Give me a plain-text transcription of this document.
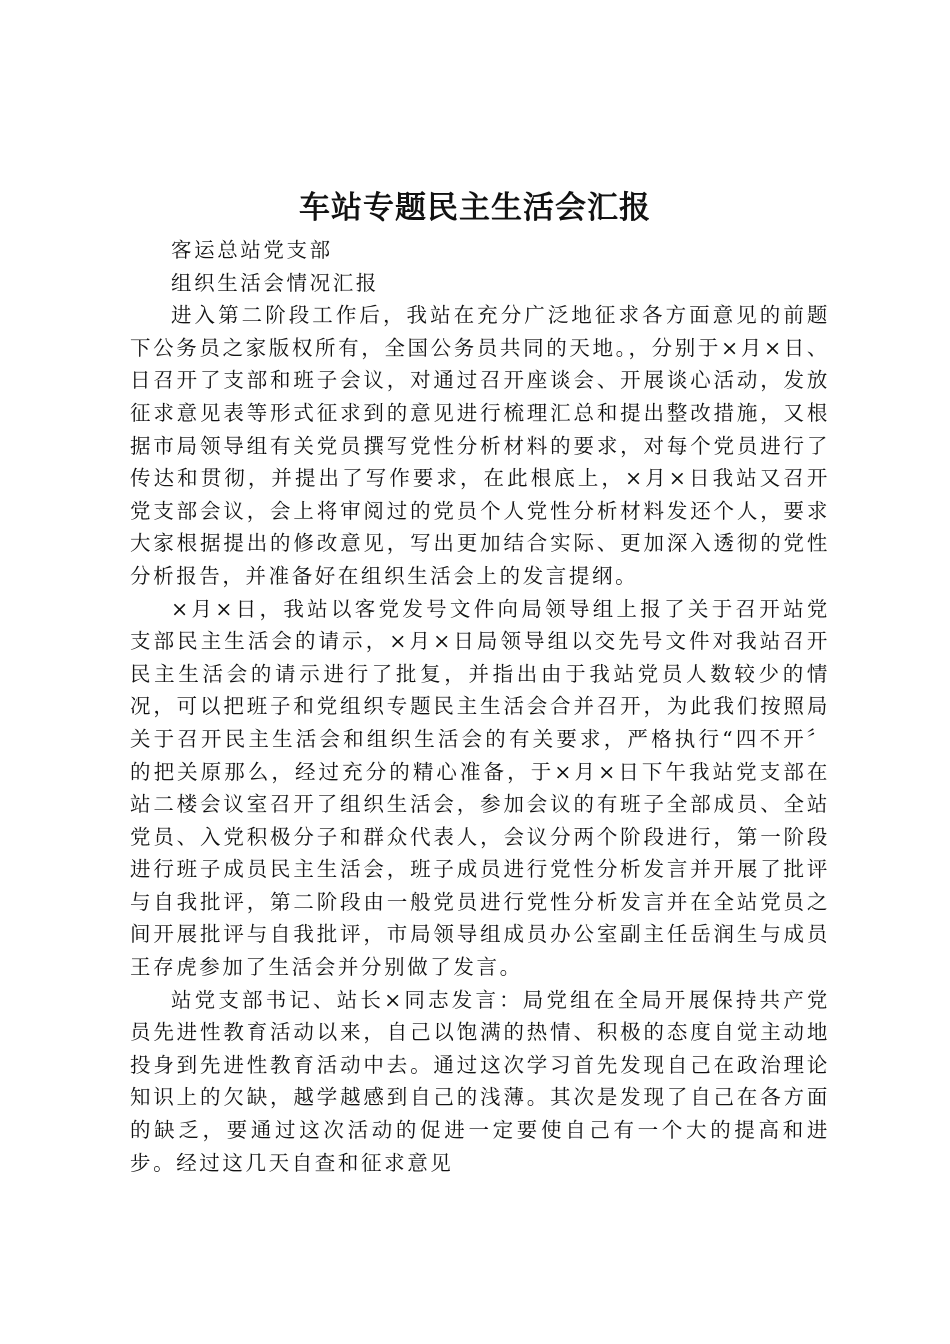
车站专题民主生活会汇报

客运总站党支部

组织生活会情况汇报

进入第二阶段工作后，我站在充分广泛地征求各方面意见的前题下公务员之家版权所有，全国公务员共同的天地。，分别于×月×日、日召开了支部和班子会议，对通过召开座谈会、开展谈心活动，发放征求意见表等形式征求到的意见进行梳理汇总和提出整改措施，又根据市局领导组有关党员撰写党性分析材料的要求，对每个党员进行了传达和贯彻，并提出了写作要求，在此根底上，×月×日我站又召开党支部会议，会上将审阅过的党员个人党性分析材料发还个人，要求大家根据提出的修改意见，写出更加结合实际、更加深入透彻的党性分析报告，并准备好在组织生活会上的发言提纲。

×月×日，我站以客党发号文件向局领导组上报了关于召开站党支部民主生活会的请示，×月×日局领导组以交先号文件对我站召开民主生活会的请示进行了批复，并指出由于我站党员人数较少的情况，可以把班子和党组织专题民主生活会合并召开，为此我们按照局关于召开民主生活会和组织生活会的有关要求，严格执行“四不开〞的把关原那么，经过充分的精心准备，于×月×日下午我站党支部在站二楼会议室召开了组织生活会，参加会议的有班子全部成员、全站党员、入党积极分子和群众代表人，会议分两个阶段进行，第一阶段进行班子成员民主生活会，班子成员进行党性分析发言并开展了批评与自我批评，第二阶段由一般党员进行党性分析发言并在全站党员之间开展批评与自我批评，市局领导组成员办公室副主任岳润生与成员王存虎参加了生活会并分别做了发言。

站党支部书记、站长×同志发言：局党组在全局开展保持共产党员先进性教育活动以来，自己以饱满的热情、积极的态度自觉主动地投身到先进性教育活动中去。通过这次学习首先发现自己在政治理论知识上的欠缺，越学越感到自己的浅薄。其次是发现了自己在各方面的缺乏，要通过这次活动的促进一定要使自己有一个大的提高和进步。经过这几天自查和征求意见
